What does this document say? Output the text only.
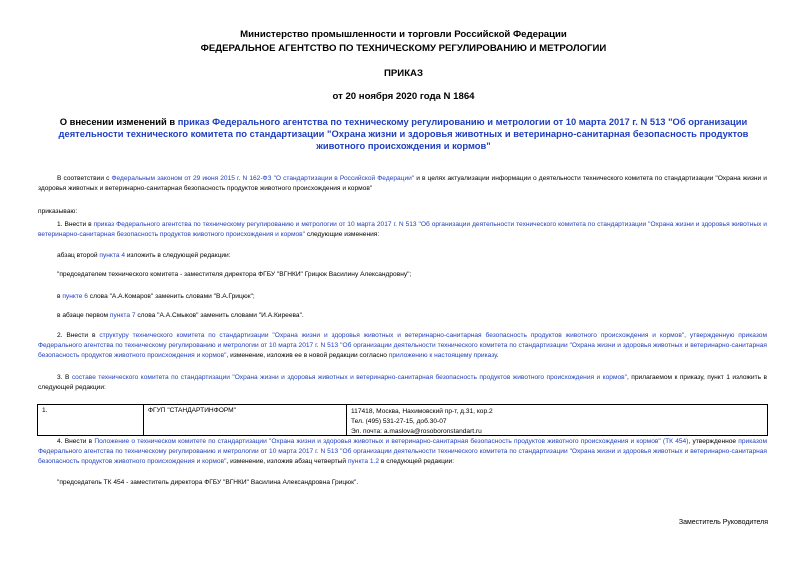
Министерство промышленности и торговли Российской Федерации
ФЕДЕРАЛЬНОЕ АГЕНТСТВО ПО ТЕХНИЧЕСКОМУ РЕГУЛИРОВАНИЮ И МЕТРОЛОГИИ
ПРИКАЗ
от 20 ноября 2020 года N 1864
О внесении изменений в приказ Федерального агентства по техническому регулированию и метрологии от 10 марта 2017 г. N 513 "Об организации деятельности технического комитета по стандартизации "Охрана жизни и здоровья животных и ветеринарно-санитарная безопасность продуктов животного происхождения и кормов"
В соответствии с Федеральным законом от 29 июня 2015 г. N 162-ФЗ "О стандартизации в Российской Федерации" и в целях актуализации информации о деятельности технического комитета по стандартизации "Охрана жизни и здоровья животных и ветеринарно-санитарная безопасность продуктов животного происхождения и кормов"
приказываю:
1. Внести в приказ Федерального агентства по техническому регулированию и метрологии от 10 марта 2017 г. N 513 "Об организации деятельности технического комитета по стандартизации "Охрана жизни и здоровья животных и ветеринарно-санитарная безопасность продуктов животного происхождения и кормов" следующие изменения:
абзац второй пункта 4 изложить в следующей редакции:
"председателем технического комитета - заместителя директора ФГБУ "ВГНКИ" Грицюк Василину Александровну";
в пункте 6 слова "А.А.Комаров" заменить словами "В.А.Грицюк";
в абзаце первом пункта 7 слова "А.А.Смыков" заменить словами "И.А.Киреева".
2. Внести в структуру технического комитета по стандартизации "Охрана жизни и здоровья животных и ветеринарно-санитарная безопасность продуктов животного происхождения и кормов", утвержденную приказом Федерального агентства по техническому регулированию и метрологии от 10 марта 2017 г. N 513 "Об организации деятельности технического комитета по стандартизации "Охрана жизни и здоровья животных и ветеринарно-санитарная безопасность продуктов животного происхождения и кормов", изменение, изложив ее в новой редакции согласно приложению к настоящему приказу.
3. В составе технического комитета по стандартизации "Охрана жизни и здоровья животных и ветеринарно-санитарная безопасность продуктов животного происхождения и кормов", прилагаемом к приказу, пункт 1 изложить в следующей редакции:
1.	ФГУП "СТАНДАРТИНФОРМ"	117418, Москва, Нахимовский пр-т, д.31, кор.2
Тел. (495) 531-27-15, доб.30-07
Эл. почта: a.maslova@rosoboronstandart.ru
4. Внести в Положение о техническом комитете по стандартизации "Охрана жизни и здоровья животных и ветеринарно-санитарная безопасность продуктов животного происхождения и кормов" (ТК 454), утвержденное приказом Федерального агентства по техническому регулированию и метрологии от 10 марта 2017 г. N 513 "Об организации деятельности технического комитета по стандартизации "Охрана жизни и здоровья животных и ветеринарно-санитарная безопасность продуктов животного происхождения и кормов", изменение, изложив абзац четвертый пункта 1.2 в следующей редакции:
"председатель ТК 454 - заместитель директора ФГБУ "ВГНКИ" Василина Александровна Грицюк".
Заместитель Руководителя
